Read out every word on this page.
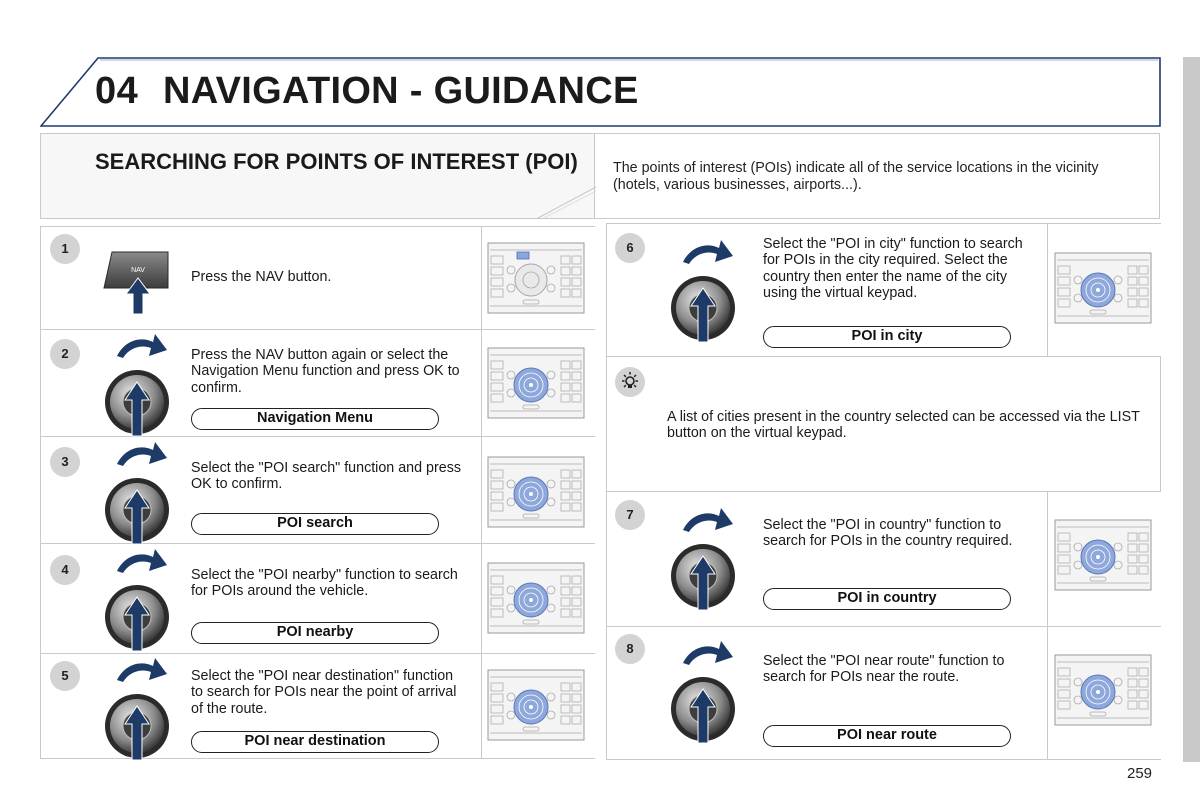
04 NAVIGATION - GUIDANCE
SEARCHING FOR POINTS OF INTEREST (POI)	The points of interest (POIs) indicate all of the service locations in the vicinity (hotels, various businesses, airports...).
1
NAV	Press the NAV button.
2	Press the NAV button again or select the Navigation Menu function and press OK to confirm.
Navigation Menu
3	Select the "POI search" function and press OK to confirm.
POI search
4	Select the "POI nearby" function to search for POIs around the vehicle.
POI nearby
5	Select the "POI near destination" function to search for POIs near the point of arrival of the route.
POI near destination
6	Select the "POI in city" function to search for POIs in the city required. Select the country then enter the name of the city using the virtual keypad.
POI in city
A list of cities present in the country selected can be accessed via the LIST button on the virtual keypad.
7
Select the "POI in country" function to search for POIs in the country required.
POI in country
8
Select the "POI near route" function to search for POIs near the route.
POI near route
259
